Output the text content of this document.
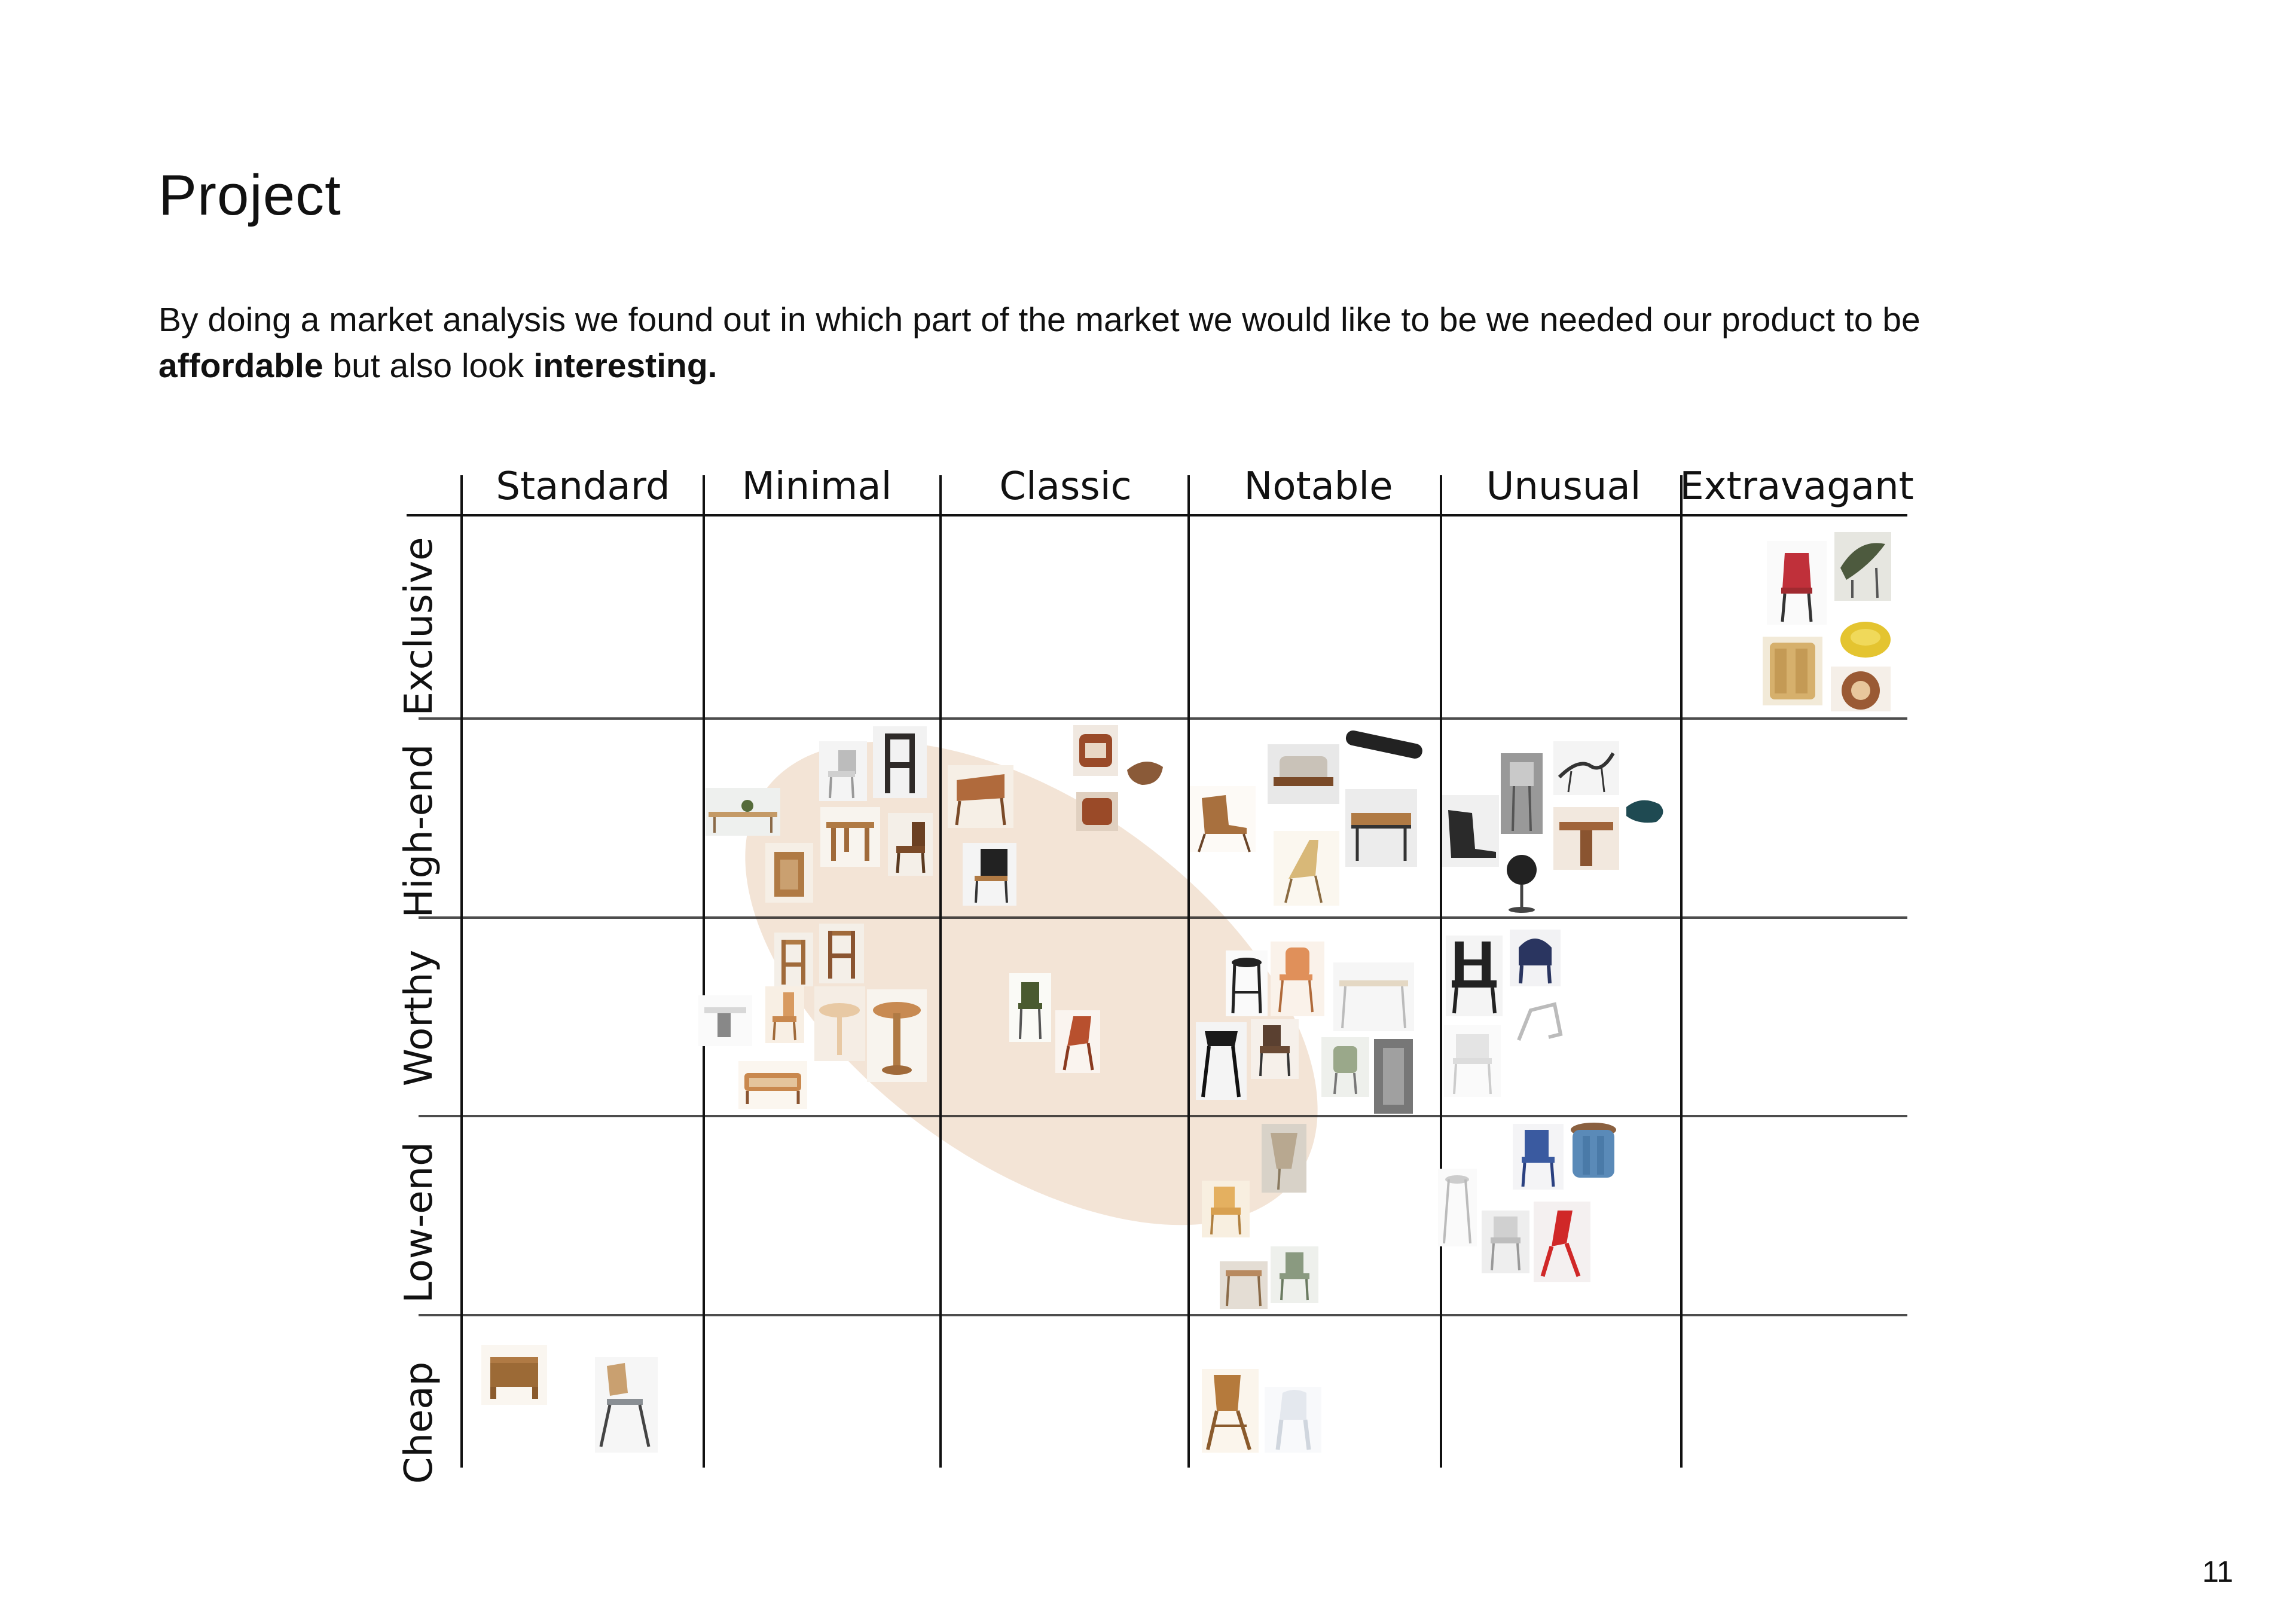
Project
By doing a market analysis we found out in which part of the market we would like to be we needed our product to be affordable but also look interesting.
Standard Minimal	Classic	Notable Unusual Extravagant
Exclusive
High-end
Worthy
Low-end
Cheap
11
